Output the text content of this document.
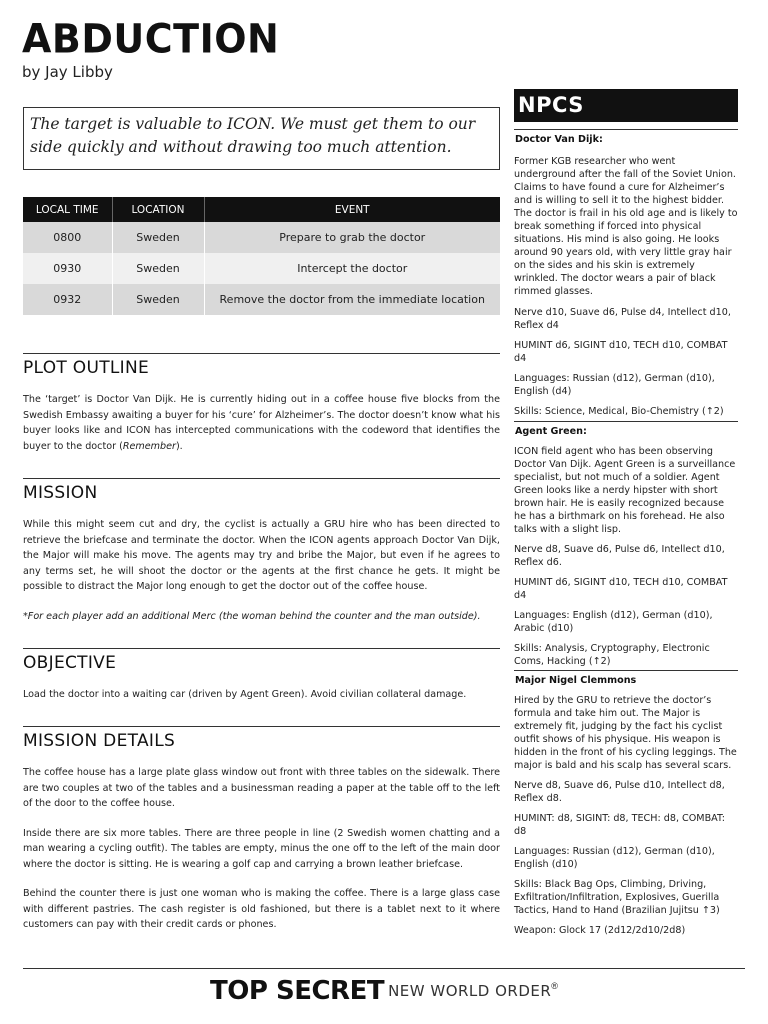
ABDUCTION
by Jay Libby
The target is valuable to ICON. We must get them to our side quickly and without drawing too much attention.
LOCAL TIME	LOCATION	EVENT
0800	Sweden	Prepare to grab the doctor
0930	Sweden	Intercept the doctor
0932	Sweden	Remove the doctor from the immediate location
PLOT OUTLINE

The ‘target’ is Doctor Van Dijk. He is currently hiding out in a coffee house five blocks from the Swedish Embassy awaiting a buyer for his ‘cure’ for Alzheimer’s. The doctor doesn’t know what his buyer looks like and ICON has intercepted communications with the codeword that identifies the buyer to the doctor (Remember).

MISSION

While this might seem cut and dry, the cyclist is actually a GRU hire who has been directed to retrieve the briefcase and terminate the doctor. When the ICON agents approach Doctor Van Dijk, the Major will make his move. The agents may try and bribe the Major, but even if he agrees to any terms set, he will shoot the doctor or the agents at the first chance he gets. It might be possible to distract the Major long enough to get the doctor out of the coffee house.

*For each player add an additional Merc (the woman behind the counter and the man outside).

OBJECTIVE

Load the doctor into a waiting car (driven by Agent Green). Avoid civilian collateral damage.

MISSION DETAILS

The coffee house has a large plate glass window out front with three tables on the sidewalk. There are two couples at two of the tables and a businessman reading a paper at the table off to the left of the door to the coffee house.

Inside there are six more tables. There are three people in line (2 Swedish women chatting and a man wearing a cycling outfit). The tables are empty, minus the one off to the left of the main door where the doctor is sitting. He is wearing a golf cap and carrying a brown leather briefcase.

Behind the counter there is just one woman who is making the coffee. There is a large glass case with different pastries. The cash register is old fashioned, but there is a tablet next to it where customers can pay with their credit cards or phones.

NPCS
Doctor Van Dijk:
Former KGB researcher who went underground after the fall of the Soviet Union. Claims to have found a cure for Alzheimer’s and is willing to sell it to the highest bidder. The doctor is frail in his old age and is likely to break something if forced into physical situations. His mind is also going. He looks around 90 years old, with very little gray hair on the sides and his skin is extremely wrinkled. The doctor wears a pair of black rimmed glasses.
Nerve d10, Suave d6, Pulse d4, Intellect d10, Reflex d4
HUMINT d6, SIGINT d10, TECH d10, COMBAT d4
Languages: Russian (d12), German (d10), English (d4)
Skills: Science, Medical, Bio-Chemistry (↑2)
Agent Green:
ICON field agent who has been observing Doctor Van Dijk. Agent Green is a surveillance specialist, but not much of a soldier. Agent Green looks like a nerdy hipster with short brown hair. He is easily recognized because he has a birthmark on his forehead. He also talks with a slight lisp.
Nerve d8, Suave d6, Pulse d6, Intellect d10, Reflex d6.
HUMINT d6, SIGINT d10, TECH d10, COMBAT d4
Languages: English (d12), German (d10), Arabic (d10)
Skills: Analysis, Cryptography, Electronic Coms, Hacking (↑2)
Major Nigel Clemmons
Hired by the GRU to retrieve the doctor’s formula and take him out. The Major is extremely fit, judging by the fact his cyclist outfit shows of his physique. His weapon is hidden in the front of his cycling leggings. The major is bald and his scalp has several scars.
Nerve d8, Suave d6, Pulse d10, Intellect d8, Reflex d8.
HUMINT: d8, SIGINT: d8, TECH: d8, COMBAT: d8
Languages: Russian (d12), German (d10), English (d10)
Skills: Black Bag Ops, Climbing, Driving, Exfiltration/Infiltration, Explosives, Guerilla Tactics, Hand to Hand (Brazilian Jujitsu ↑3)
Weapon: Glock 17 (2d12/2d10/2d8)
TOP SECRET NEW WORLD ORDER®
